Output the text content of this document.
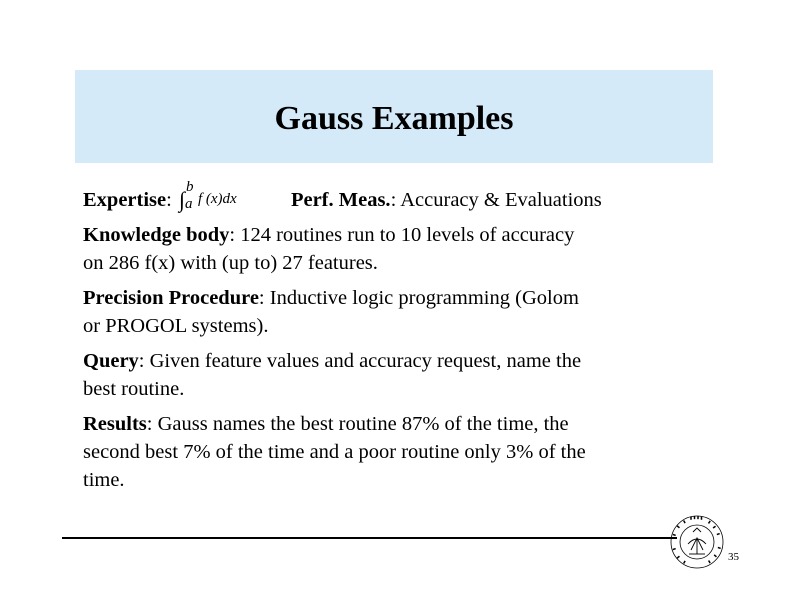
Gauss Examples
Expertise: ∫ b
a f (x)dx	Perf. Meas.: Accuracy & Evaluations
Knowledge body: 124 routines run to 10 levels of accuracy
on 286 f(x) with (up to) 27 features.
Precision Procedure: Inductive logic programming (Golom
or PROGOL systems).
Query: Given feature values and accuracy request, name the
best routine.
Results: Gauss names the best routine 87% of the time, the
second best 7% of the time and a poor routine only 3% of the
time.
35
